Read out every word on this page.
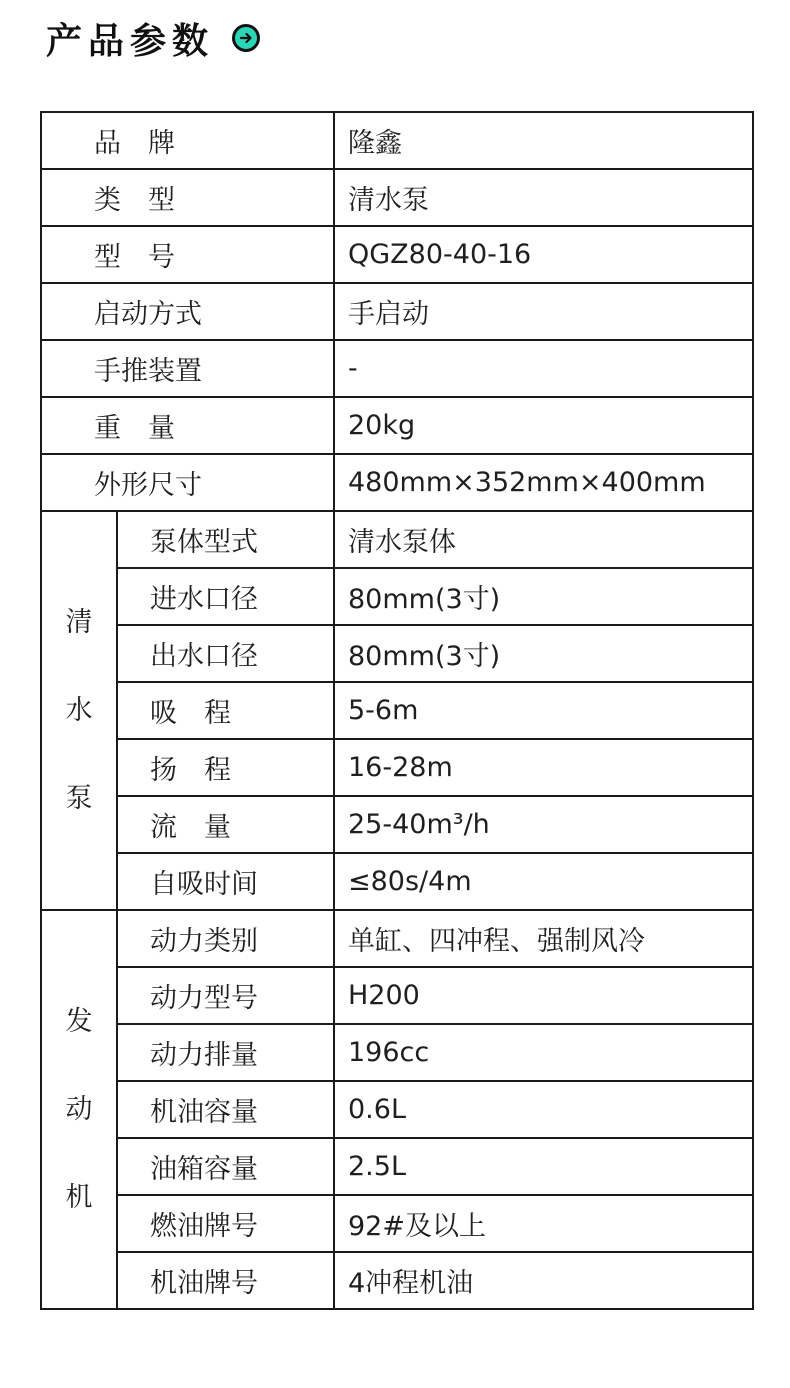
产品参数
品　牌		隆鑫
类　型		清水泵
型　号		QGZ80-40-16
启动方式		手启动
手推装置		-
重　量		20kg
外形尺寸		480mm×352mm×400mm
清水泵	泵体型式	清水泵体
	进水口径	80mm(3寸)
	出水口径	80mm(3寸)
	吸　程	5-6m
	扬　程	16-28m
	流　量	25-40m³/h
	自吸时间	≤80s/4m
发动机	动力类别	单缸、四冲程、强制风冷
	动力型号	H200
	动力排量	196cc
	机油容量	0.6L
	油箱容量	2.5L
	燃油牌号	92#及以上
	机油牌号	4冲程机油
